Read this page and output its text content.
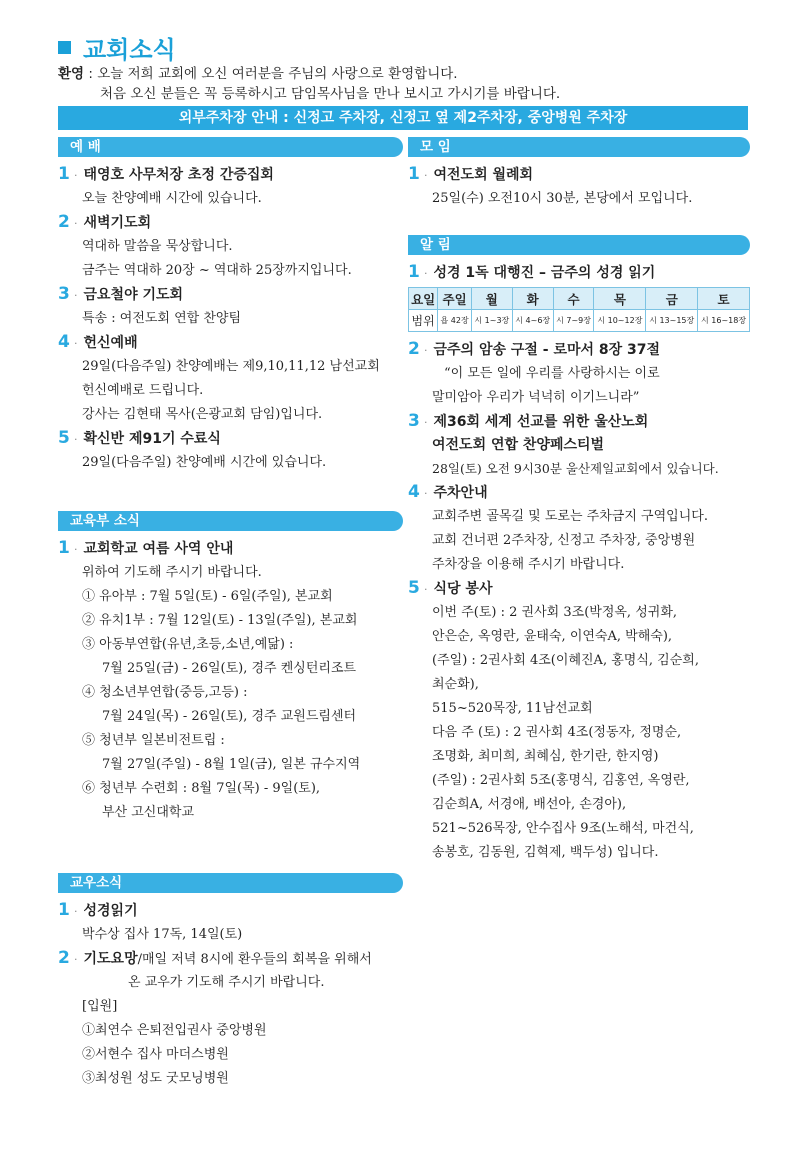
교회소식
환영 : 오늘 저희 교회에 오신 여러분을 주님의 사랑으로 환영합니다.
처음 오신 분들은 꼭 등록하시고 담임목사님을 만나 보시고 가시기를 바랍니다.
외부주차장 안내 : 신정고 주차장, 신정고 옆 제2주차장, 중앙병원 주차장
예 배
1 · 태영호 사무처장 초정 간증집회
오늘 찬양예배 시간에 있습니다.
2 · 새벽기도회
역대하 말씀을 묵상합니다.
금주는 역대하 20장 ~ 역대하 25장까지입니다.
3 · 금요철야 기도회
특송 : 여전도회 연합 찬양팀
4 · 헌신예배
29일(다음주일) 찬양예배는 제9,10,11,12 남선교회
헌신예배로 드립니다.
강사는 김현태 목사(은광교회 담임)입니다.
5 · 확신반 제91기 수료식
29일(다음주일) 찬양예배 시간에 있습니다.
교육부 소식
1 · 교회학교 여름 사역 안내
위하여 기도해 주시기 바랍니다.
① 유아부 : 7월 5일(토) - 6일(주일), 본교회
② 유치1부 : 7월 12일(토) - 13일(주일), 본교회
③ 아동부연합(유년,초등,소년,예닮) :
7월 25일(금) - 26일(토), 경주 켄싱턴리조트
④ 청소년부연합(중등,고등) :
7월 24일(목) - 26일(토), 경주 교원드림센터
⑤ 청년부 일본비전트립 :
7월 27일(주일) - 8월 1일(금), 일본 규수지역
⑥ 청년부 수련회 : 8월 7일(목) - 9일(토),
부산 고신대학교
교우소식
1 · 성경읽기
박수상 집사 17독, 14일(토)
2 · 기도요망 /매일 저녁 8시에 환우들의 회복을 위해서
온 교우가 기도해 주시기 바랍니다.
[입원]
①최연수 은퇴전입권사 중앙병원
②서현수 집사 마더스병원
③최성원 성도 굿모닝병원
모 임
1 · 여전도회 월례회
25일(수) 오전10시 30분, 본당에서 모입니다.
알 림
1 · 성경 1독 대행진 – 금주의 성경 읽기
요일	주일	월	화	수	목	금	토
범위	욥 42장	시 1~3장	시 4~6장	시 7~9장	시 10~12장	시 13~15장	시 16~18장
2 · 금주의 암송 구절 - 로마서 8장 37절
“이 모든 일에 우리를 사랑하시는 이로
말미암아 우리가 넉넉히 이기느니라”
3 · 제36회 세계 선교를 위한 울산노회
여전도회 연합 찬양페스티벌
28일(토) 오전 9시30분 울산제일교회에서 있습니다.
4 · 주차안내
교회주변 골목길 및 도로는 주차금지 구역입니다.
교회 건너편 2주차장, 신정고 주차장, 중앙병원
주차장을 이용해 주시기 바랍니다.
5 · 식당 봉사
이번 주(토) : 2 권사회 3조(박정옥, 성귀화,
안은순, 옥영란, 윤태숙, 이연숙A, 박해숙),
(주일) : 2권사회 4조(이혜진A, 홍명식, 김순희,
최순화),
515~520목장, 11남선교회
다음 주 (토) : 2 권사회 4조(정동자, 정명순,
조명화, 최미희, 최혜심, 한기란, 한지영)
(주일) : 2권사회 5조(홍명식, 김홍연, 옥영란,
김순희A, 서경애, 배선아, 손경아),
521~526목장, 안수집사 9조(노해석, 마건식,
송봉호, 김동원, 김혁제, 백두성) 입니다.
